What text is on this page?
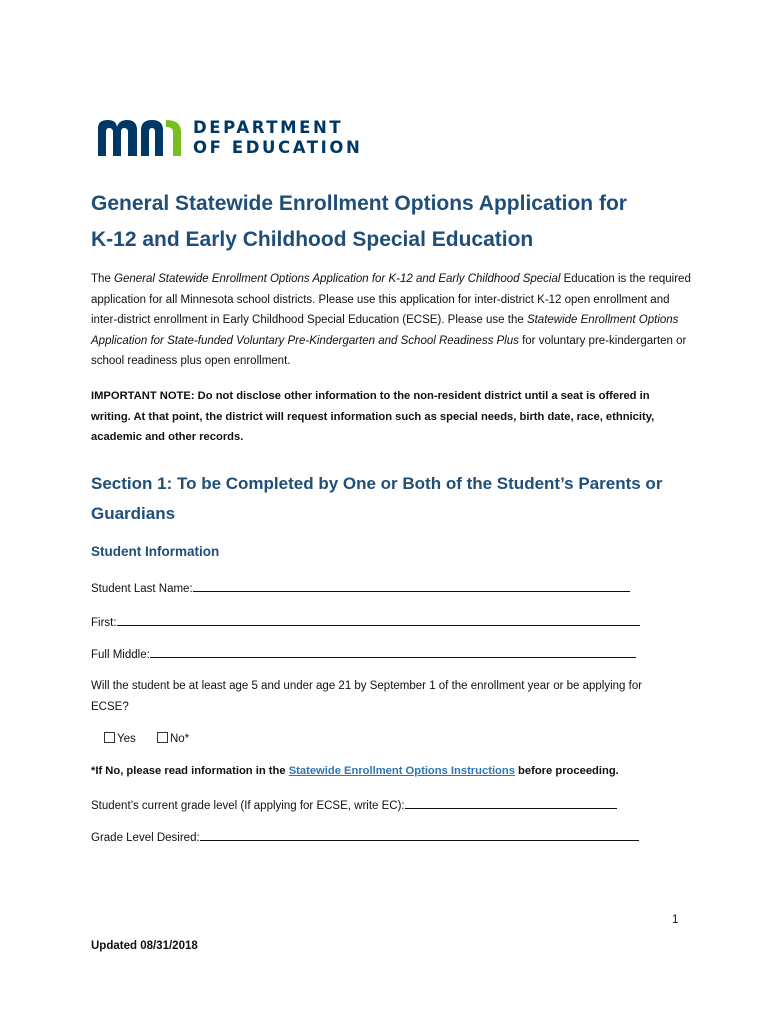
DEPARTMENT
OF EDUCATION
General Statewide Enrollment Options Application for
K-12 and Early Childhood Special Education

The General Statewide Enrollment Options Application for K-12 and Early Childhood Special Education is the required application for all Minnesota school districts. Please use this application for inter-district K-12 open enrollment and inter-district enrollment in Early Childhood Special Education (ECSE). Please use the Statewide Enrollment Options Application for State-funded Voluntary Pre-Kindergarten and School Readiness Plus for voluntary pre-kindergarten or school readiness plus open enrollment.

IMPORTANT NOTE: Do not disclose other information to the non-resident district until a seat is offered in writing. At that point, the district will request information such as special needs, birth date, race, ethnicity, academic and other records.

Section 1: To be Completed by One or Both of the Student’s Parents or Guardians
Student Information
Student Last Name:
First:
Full Middle:

Will the student be at least age 5 and under age 21 by September 1 of the enrollment year or be applying for ECSE?

Yes	No*
*If No, please read information in the Statewide Enrollment Options Instructions before proceeding.
Student’s current grade level (If applying for ECSE, write EC):
Grade Level Desired:
1
Updated 08/31/2018
